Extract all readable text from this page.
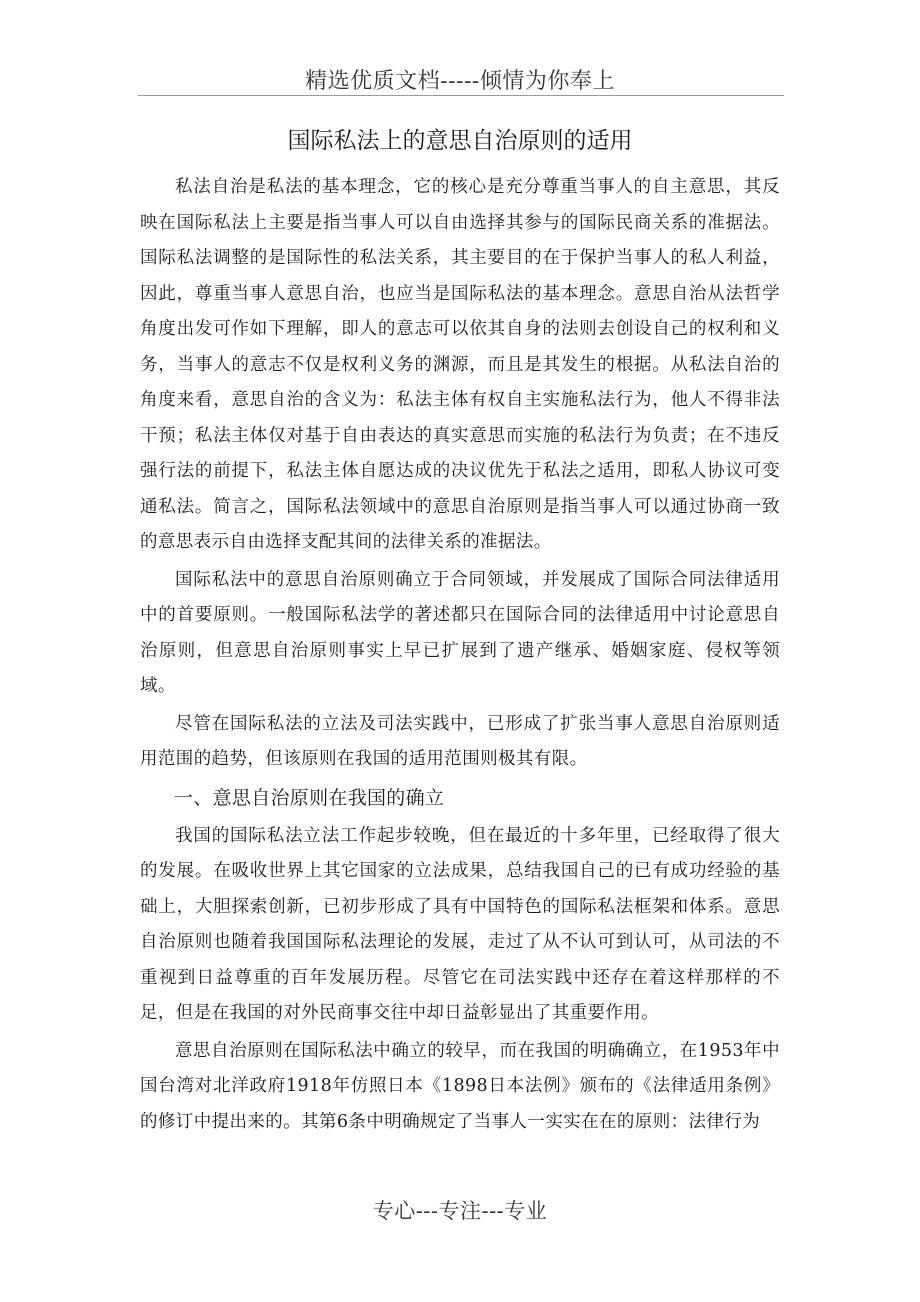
精选优质文档-----倾情为你奉上
国际私法上的意思自治原则的适用

私法自治是私法的基本理念，它的核心是充分尊重当事人的自主意思，其反映在国际私法上主要是指当事人可以自由选择其参与的国际民商关系的准据法。国际私法调整的是国际性的私法关系，其主要目的在于保护当事人的私人利益，因此，尊重当事人意思自治，也应当是国际私法的基本理念。意思自治从法哲学角度出发可作如下理解，即人的意志可以依其自身的法则去创设自己的权利和义务，当事人的意志不仅是权利义务的渊源，而且是其发生的根据。从私法自治的角度来看，意思自治的含义为：私法主体有权自主实施私法行为，他人不得非法干预；私法主体仅对基于自由表达的真实意思而实施的私法行为负责；在不违反强行法的前提下，私法主体自愿达成的决议优先于私法之适用，即私人协议可变通私法。简言之，国际私法领域中的意思自治原则是指当事人可以通过协商一致的意思表示自由选择支配其间的法律关系的准据法。

国际私法中的意思自治原则确立于合同领域，并发展成了国际合同法律适用中的首要原则。一般国际私法学的著述都只在国际合同的法律适用中讨论意思自治原则，但意思自治原则事实上早已扩展到了遗产继承、婚姻家庭、侵权等领域。

尽管在国际私法的立法及司法实践中，已形成了扩张当事人意思自治原则适用范围的趋势，但该原则在我国的适用范围则极其有限。

一、意思自治原则在我国的确立

我国的国际私法立法工作起步较晚，但在最近的十多年里，已经取得了很大的发展。在吸收世界上其它国家的立法成果，总结我国自己的已有成功经验的基础上，大胆探索创新，已初步形成了具有中国特色的国际私法框架和体系。意思自治原则也随着我国国际私法理论的发展，走过了从不认可到认可，从司法的不重视到日益尊重的百年发展历程。尽管它在司法实践中还存在着这样那样的不足，但是在我国的对外民商事交往中却日益彰显出了其重要作用。

意思自治原则在国际私法中确立的较早，而在我国的明确确立，在1953年中国台湾对北洋政府1918年仿照日本《1898日本法例》颁布的《法律适用条例》的修订中提出来的。其第6条中明确规定了当事人一实实在在的原则：法律行为

专心---专注---专业
